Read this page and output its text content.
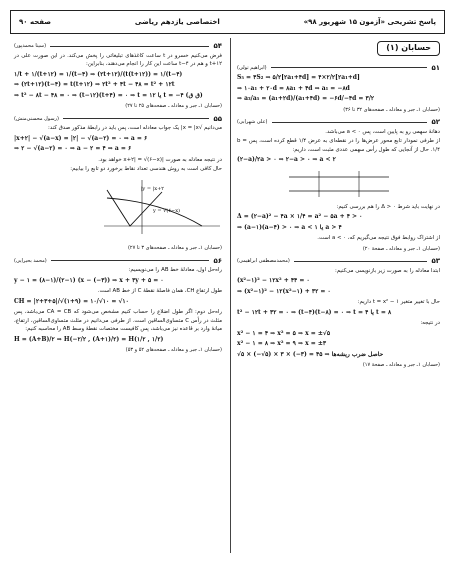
پاسخ تشریحی «آزمون ۱۵ شهریور ۹۸»
اختصاصی یازدهم ریاضی
صفحه ۹۰
حسابان (۱)
۵۱
(ابراهیم تولی)
S₅ = ۴S₂ ⇒ ۵/۲[۲a₁+۴d] = ۴×۲/۲[۲a₁+d]
⇒ ۱۰a₁ + ۲۰d = ۸a₁ + ۴d ⇒ a₁ = −۸d
⇒ a₃/a₅ = (a₁+۲d)/(a₁+۴d) = −۶d/−۴d = ۳/۲
(حسابان ۱ـ جبر و معادله ـ صفحه‌های ۳۲ تا ۳۶)
۵۲
(علی شهرابی)
دهانهٔ سهمی رو به پایین است، پس a < ۰ می‌باشد.
از طرفی نمودار تابع محور عرض‌ها را در نقطه‌ای به عرض ۱/۴ قطع کرده است، پس b = ۱/۴. حال از آنجایی که طول رأس سهمی عددی مثبت است، داریم:
(۲−a)/۲a > ۰ ⇒ ۲−a > ۰ ⇒ a < ۲
در نهایت باید شرط Δ > ۰ را هم بررسی کنیم:
Δ = (۲−a)² − ۴a × ۱/۴ = a² − ۵a + ۴ > ۰
⇒ (a−۱)(a−۴) > ۰ ⇒ a < ۱ یا a > ۴
از اشتراک روابط فوق نتیجه می‌گیریم که، a < ۰ است.
(حسابان ۱ـ جبر و معادله ـ صفحهٔ ۲۰)
۵۳
(محمدمصطفی ابراهیمی)
ابتدا معادله را به صورت زیر بازنویسی می‌کنیم:
(x²−۱)² − ۱۲x² + ۴۴ = ۰
⇒ (x²−۱)² − ۱۲(x²−۱) + ۳۲ = ۰
حال با تغییر متغیر t = x² − ۱ داریم:
t² − ۱۲t + ۳۲ = ۰ ⇒ (t−۴)(t−۸) = ۰ ⇒ t = ۴ یا t = ۸
در نتیجه:
x² − ۱ = ۴ ⇒ x² = ۵ ⇒ x = ±√۵
x² − ۱ = ۸ ⇒ x² = ۹ ⇒ x = ±۳
√۵ × (−√۵) × ۳ × (−۳) = ۴۵ ⇒ حاصل ضرب ریشه‌ها
(حسابان ۱ـ جبر و معادله ـ صفحهٔ ۱۷)
۵۴
(سینا محمدپور)
فرض می‌کنیم خسرو در t ساعت کاغذهای تبلیغاتی را پخش می‌کند. در این صورت علی در t+۱۲ و هم در t−۴ ساعت این کار را انجام می‌دهند، بنابراین:
۱/t + ۱/(t+۱۲) = ۱/(t−۴) ⇒ (۲t+۱۲)/(t(t+۱۲)) = ۱/(t−۴)
⇒ (۲t+۱۲)(t−۴) = t(t+۱۲) ⇒ ۲t² + ۴t − ۴۸ = t² + ۱۲t
⇒ t² − ۸t − ۴۸ = ۰ ⇒ (t−۱۲)(t+۴) = ۰ ⇒ t = ۱۲ یا t = −۴ (ق ق)
(حسابان ۱ـ جبر و معادله ـ صفحه‌های ۲۵ تا ۲۷)
۵۵
(رسول محسنی‌منش)
می‌دانیم √x = |x| یک جواب معادله است، پس باید در رابطهٔ مذکور صدق کند:
|x+۲| − √(a−x) = |۲| − √(a−۲) = ۰ ⇒ a = ۶
⇒ ۲ − √(a−۲) = ۰ ⇒ a − ۲ = ۴ ⇒ a = ۶
در نتیجه معادله به صورت |x+۲| = √(۶−x) خواهد بود.
حال کافی است به روش هندسی تعداد نقاط برخورد دو تابع را بیابیم:
y = |x+۲|
y = √(۶−x)
(حسابان ۱ـ جبر و معادله ـ صفحه‌های ۳ تا ۲۷)
۵۶
(محمد بحیرایی)
راه‌حل اول، معادلهٔ خط AB را می‌نویسیم:
y − ۱ = (۸−۱)/(۲−۱) (x − (−۳)) ⇒ x + ۳y + ۵ = ۰
طول ارتفاع CH، همان فاصلهٔ نقطهٔ C از خط AB است.
CH = |۲+۳+۵|/√(۱+۹) = ۱۰/√۱۰ = √۱۰
راه‌حل دوم: اگر طول اضلاع را حساب کنیم مشخص می‌شود که CA = CB می‌باشد، پس مثلث در رأس C متساوی‌الساقین است. از طرفی می‌دانیم در مثلث متساوی‌الساقین، ارتفاع، میانهٔ وارد بر قاعده نیز می‌باشد، پس کافیست مختصات نقطهٔ وسط AB را محاسبه کنیم:
H = (A+B)/۲ ⇒ H(−۲/۲ , (A+۱)/۲) = H(۱/۲ , ۱/۲)
(حسابان ۱ـ جبر و معادله ـ صفحه‌های ۵۲ و ۵۳)
